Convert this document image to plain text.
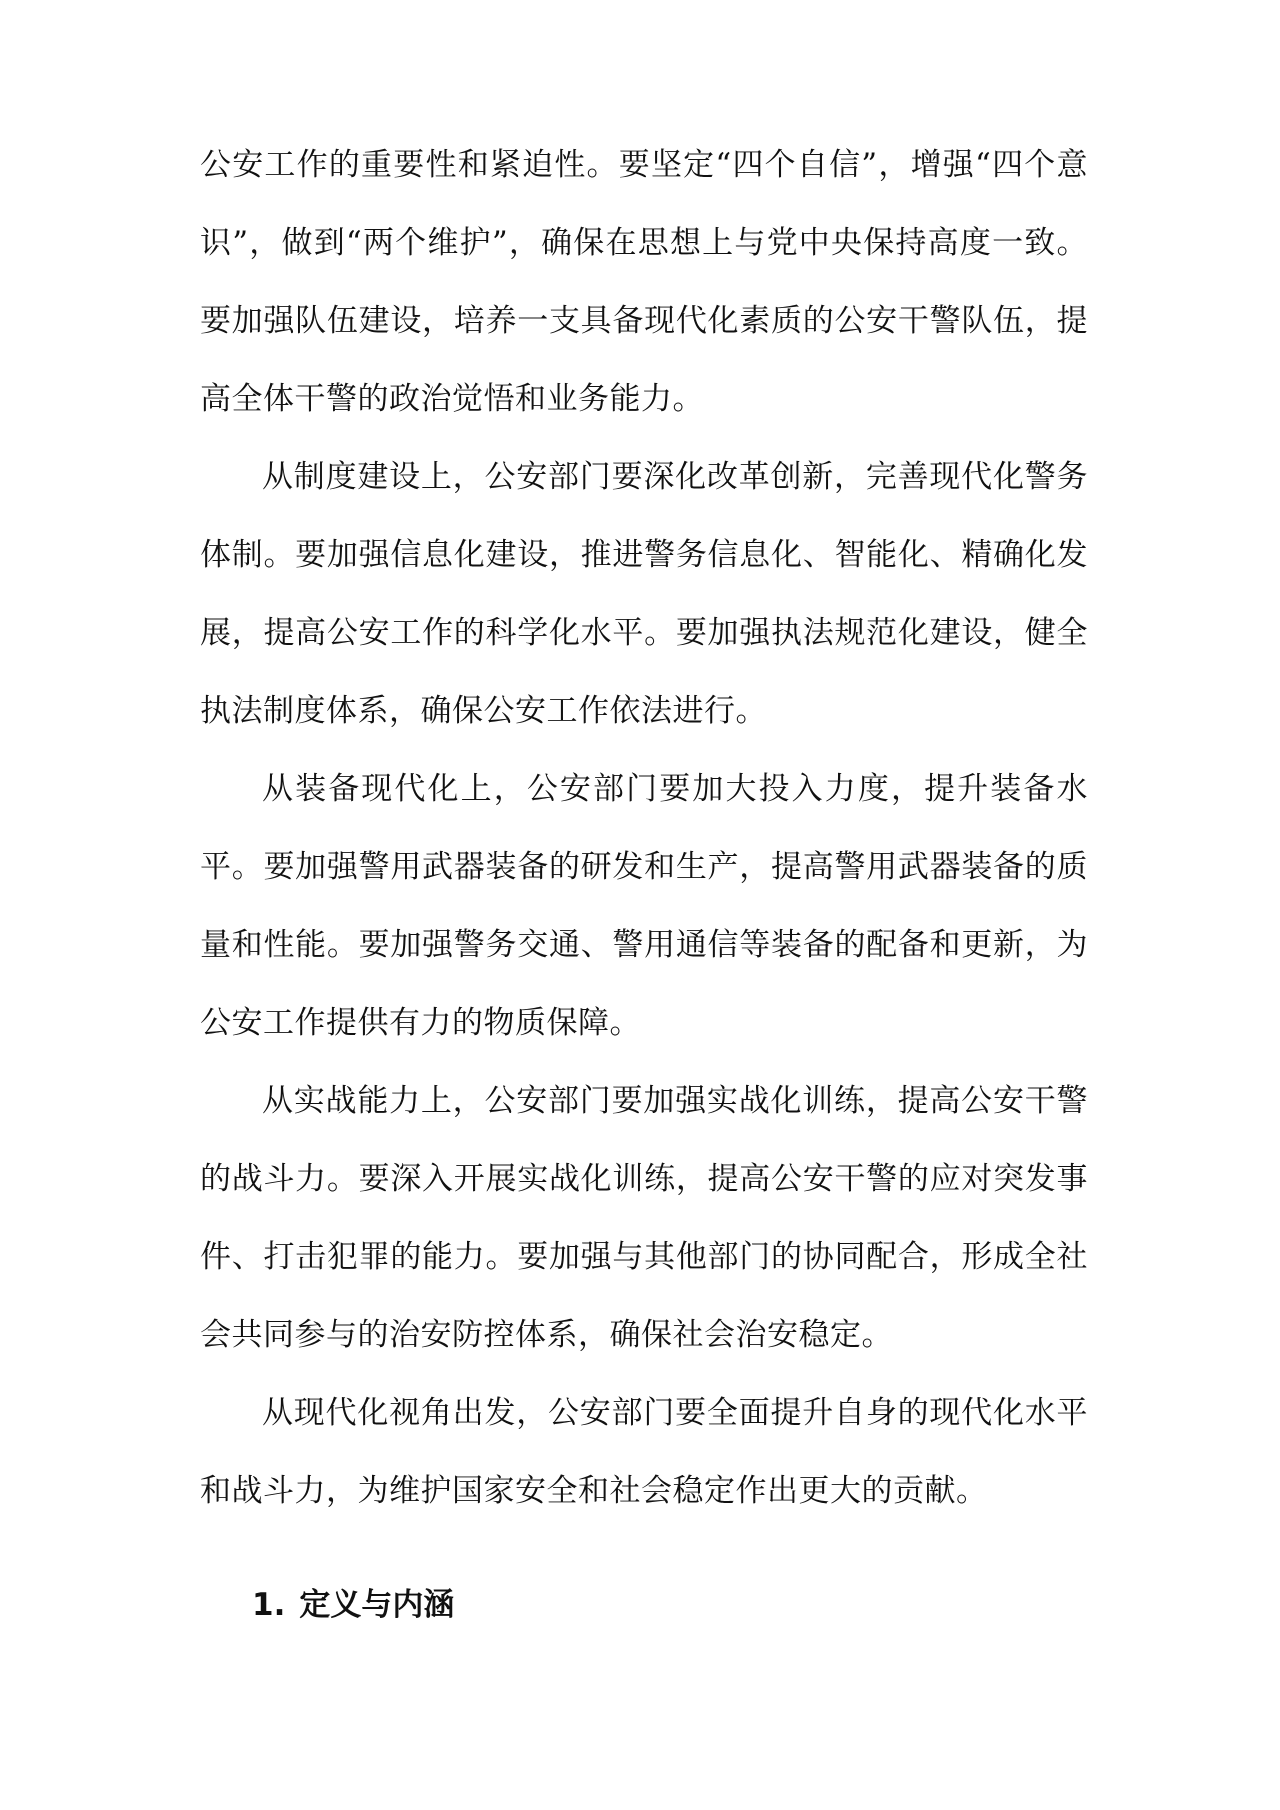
公安工作的重要性和紧迫性。要坚定“四个自信”，增强“四个意识”，做到“两个维护”，确保在思想上与党中央保持高度一致。要加强队伍建设，培养一支具备现代化素质的公安干警队伍，提高全体干警的政治觉悟和业务能力。

从制度建设上，公安部门要深化改革创新，完善现代化警务体制。要加强信息化建设，推进警务信息化、智能化、精确化发展，提高公安工作的科学化水平。要加强执法规范化建设，健全执法制度体系，确保公安工作依法进行。

从装备现代化上，公安部门要加大投入力度，提升装备水平。要加强警用武器装备的研发和生产，提高警用武器装备的质量和性能。要加强警务交通、警用通信等装备的配备和更新，为公安工作提供有力的物质保障。

从实战能力上，公安部门要加强实战化训练，提高公安干警的战斗力。要深入开展实战化训练，提高公安干警的应对突发事件、打击犯罪的能力。要加强与其他部门的协同配合，形成全社会共同参与的治安防控体系，确保社会治安稳定。

从现代化视角出发，公安部门要全面提升自身的现代化水平和战斗力，为维护国家安全和社会稳定作出更大的贡献。

1. 定义与内涵
